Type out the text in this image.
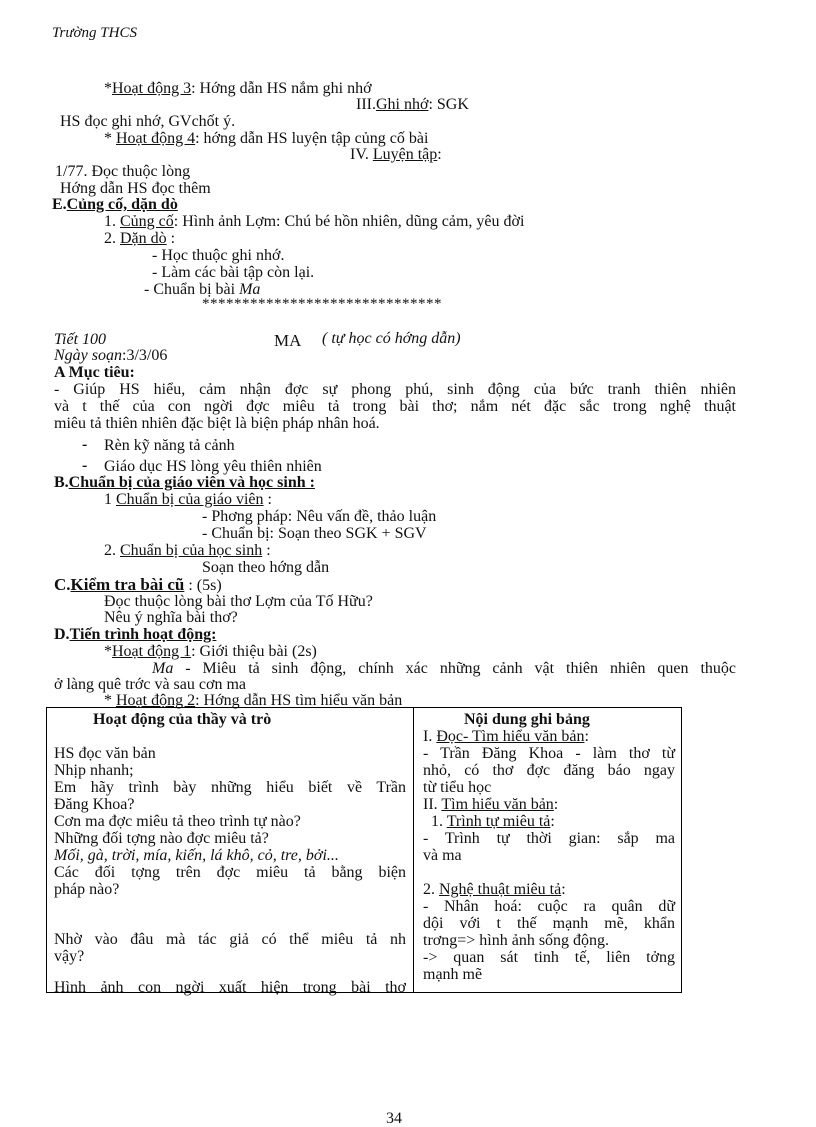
Trường THCS
*Hoạt động 3: Hớng dẫn HS nắm ghi nhớ
III.Ghi nhớ: SGK
HS đọc ghi nhớ, GVchốt ý.
* Hoạt động 4: hớng dẫn HS luyện tập củng cố bài
IV. Luyện tập:
1/77. Đọc thuộc lòng
Hớng dẫn HS đọc thêm
E.Củng cố, dặn dò
1. Củng cố: Hình ảnh Lợm: Chú bé hồn nhiên, dũng cảm, yêu đời
2. Dặn dò :
- Học thuộc ghi nhớ.
- Làm các bài tập còn lại.
- Chuẩn bị bài Ma
******************************
Tiết 100	MA ( tự học có hớng dẫn)
Ngày soạn:3/3/06
A Mục tiêu:
- Giúp HS hiểu, cảm nhận đợc sự phong phú, sinh động của bức tranh thiên nhiên
và t thế của con ngời đợc miêu tả trong bài thơ; nắm nét đặc sắc trong nghệ thuật
miêu tả thiên nhiên đặc biệt là biện pháp nhân hoá.
- Rèn kỹ năng tả cảnh
- Giáo dục HS lòng yêu thiên nhiên
B.Chuẩn bị của giáo viên và học sinh :
1 Chuẩn bị của giáo viên :
- Phơng pháp: Nêu vấn đề, thảo luận
- Chuẩn bị: Soạn theo SGK + SGV
2. Chuẩn bị của học sinh :
Soạn theo hớng dẫn
C.Kiểm tra bài cũ : (5s)
Đọc thuộc lòng bài thơ Lợm của Tố Hữu?
Nêu ý nghĩa bài thơ?
D.Tiến trình hoạt động:
*Hoạt động 1: Giới thiệu bài (2s)
Ma - Miêu tả sinh động, chính xác những cảnh vật thiên nhiên quen thuộc
ở làng quê trớc và sau cơn ma
* Hoạt động 2: Hớng dẫn HS tìm hiểu văn bản
Hoạt động của thầy và trò	Nội dung ghi bảng
HS đọc văn bản
Nhịp nhanh;
Em hãy trình bày những hiểu biết về Trần
Đăng Khoa?
Cơn ma đợc miêu tả theo trình tự nào?
Những đối tợng nào đợc miêu tả?
Mối, gà, trời, mía, kiến, lá khô, cỏ, tre, bởi...
Các đối tợng trên đợc miêu tả bằng biện
pháp nào?
Nhờ vào đâu mà tác giả có thể miêu tả nh
vậy?
Hình ảnh con ngời xuất hiện trong bài thơ
I. Đọc- Tìm hiểu văn bản:
- Trần Đăng Khoa - làm thơ từ
nhỏ, có thơ đợc đăng báo ngay
từ tiểu học
II. Tìm hiểu văn bản:
1. Trình tự miêu tả:
- Trình tự thời gian: sắp ma
và ma
2. Nghệ thuật miêu tả:
- Nhân hoá: cuộc ra quân dữ
dội với t thế mạnh mẽ, khẩn
trơng=> hình ảnh sống động.
-> quan sát tinh tế, liên tởng
mạnh mẽ
34
